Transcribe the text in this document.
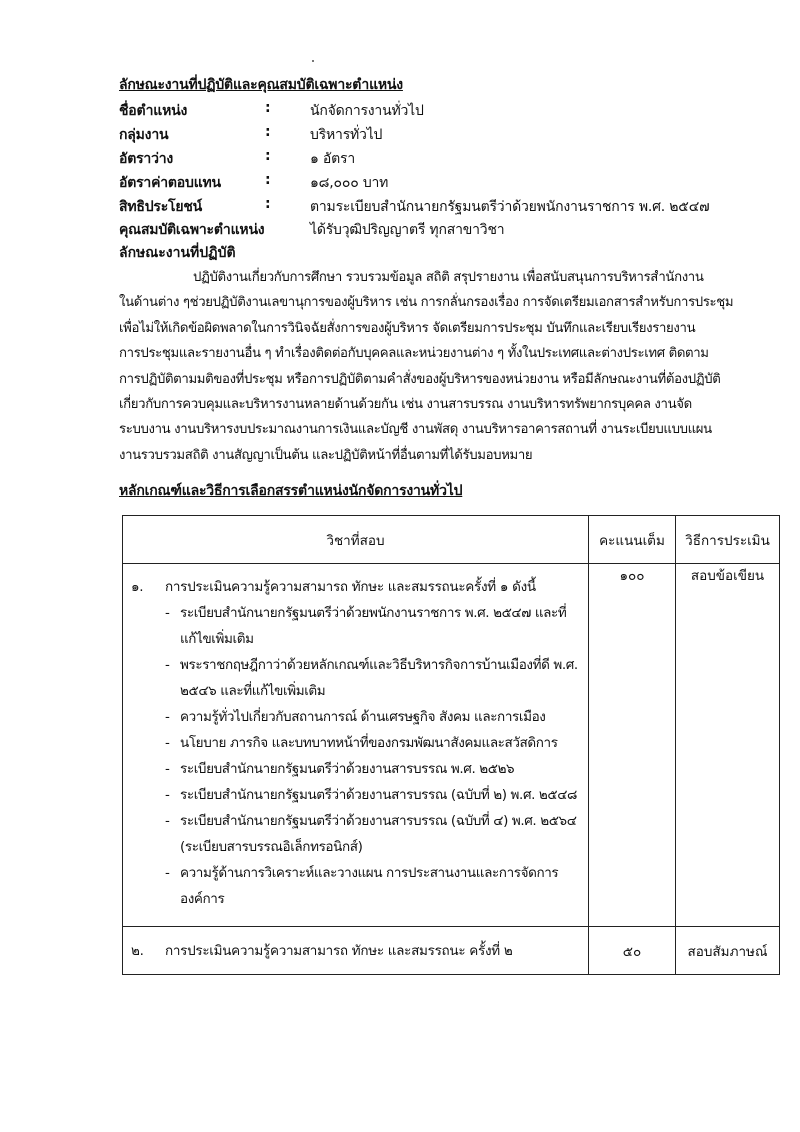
ลักษณะงานที่ปฏิบัติและคุณสมบัติเฉพาะตำแหน่ง
ชื่อตำแหน่ง	:	นักจัดการงานทั่วไป
กลุ่มงาน	:	บริหารทั่วไป
อัตราว่าง	:	๑ อัตรา
อัตราค่าตอบแทน	:	๑๘,๐๐๐ บาท
สิทธิประโยชน์	:	ตามระเบียบสำนักนายกรัฐมนตรีว่าด้วยพนักงานราชการ พ.ศ. ๒๕๔๗
คุณสมบัติเฉพาะตำแหน่ง	ได้รับวุฒิปริญญาตรี ทุกสาขาวิชา
ลักษณะงานที่ปฏิบัติ
ปฏิบัติงานเกี่ยวกับการศึกษา รวบรวมข้อมูล สถิติ สรุปรายงาน เพื่อสนับสนุนการบริหารสำนักงาน
ในด้านต่าง ๆช่วยปฏิบัติงานเลขานุการของผู้บริหาร เช่น การกลั่นกรองเรื่อง การจัดเตรียมเอกสารสำหรับการประชุม
เพื่อไม่ให้เกิดข้อผิดพลาดในการวินิจฉัยสั่งการของผู้บริหาร จัดเตรียมการประชุม บันทึกและเรียบเรียงรายงาน
การประชุมและรายงานอื่น ๆ ทำเรื่องติดต่อกับบุคคลและหน่วยงานต่าง ๆ ทั้งในประเทศและต่างประเทศ ติดตาม
การปฏิบัติตามมติของที่ประชุม หรือการปฏิบัติตามคำสั่งของผู้บริหารของหน่วยงาน หรือมีลักษณะงานที่ต้องปฏิบัติ
เกี่ยวกับการควบคุมและบริหารงานหลายด้านด้วยกัน เช่น งานสารบรรณ งานบริหารทรัพยากรบุคคล งานจัด
ระบบงาน งานบริหารงบประมาณงานการเงินและบัญชี งานพัสดุ งานบริหารอาคารสถานที่ งานระเบียบแบบแผน
งานรวบรวมสถิติ งานสัญญาเป็นต้น และปฏิบัติหน้าที่อื่นตามที่ได้รับมอบหมาย
หลักเกณฑ์และวิธีการเลือกสรรตำแหน่งนักจัดการงานทั่วไป
วิชาที่สอบ	คะแนนเต็ม	วิธีการประเมิน

๑.	การประเมินความรู้ความสามารถ ทักษะ และสมรรถนะครั้งที่ ๑ ดังนี้
- ระเบียบสำนักนายกรัฐมนตรีว่าด้วยพนักงานราชการ พ.ศ. ๒๕๔๗ และที่แก้ไขเพิ่มเติม
- พระราชกฤษฎีกาว่าด้วยหลักเกณฑ์และวิธีบริหารกิจการบ้านเมืองที่ดี พ.ศ. ๒๕๔๖ และที่แก้ไขเพิ่มเติม
- ความรู้ทั่วไปเกี่ยวกับสถานการณ์ ด้านเศรษฐกิจ สังคม และการเมือง
- นโยบาย ภารกิจ และบทบาทหน้าที่ของกรมพัฒนาสังคมและสวัสดิการ
- ระเบียบสำนักนายกรัฐมนตรีว่าด้วยงานสารบรรณ พ.ศ. ๒๕๒๖
- ระเบียบสำนักนายกรัฐมนตรีว่าด้วยงานสารบรรณ (ฉบับที่ ๒) พ.ศ. ๒๕๔๘
- ระเบียบสำนักนายกรัฐมนตรีว่าด้วยงานสารบรรณ (ฉบับที่ ๔) พ.ศ. ๒๕๖๔ (ระเบียบสารบรรณอิเล็กทรอนิกส์)
- ความรู้ด้านการวิเคราะห์และวางแผน การประสานงานและการจัดการองค์การ
	๑๐๐	สอบข้อเขียน

๒. การประเมินความรู้ความสามารถ ทักษะ และสมรรถนะ ครั้งที่ ๒	๕๐	สอบสัมภาษณ์
